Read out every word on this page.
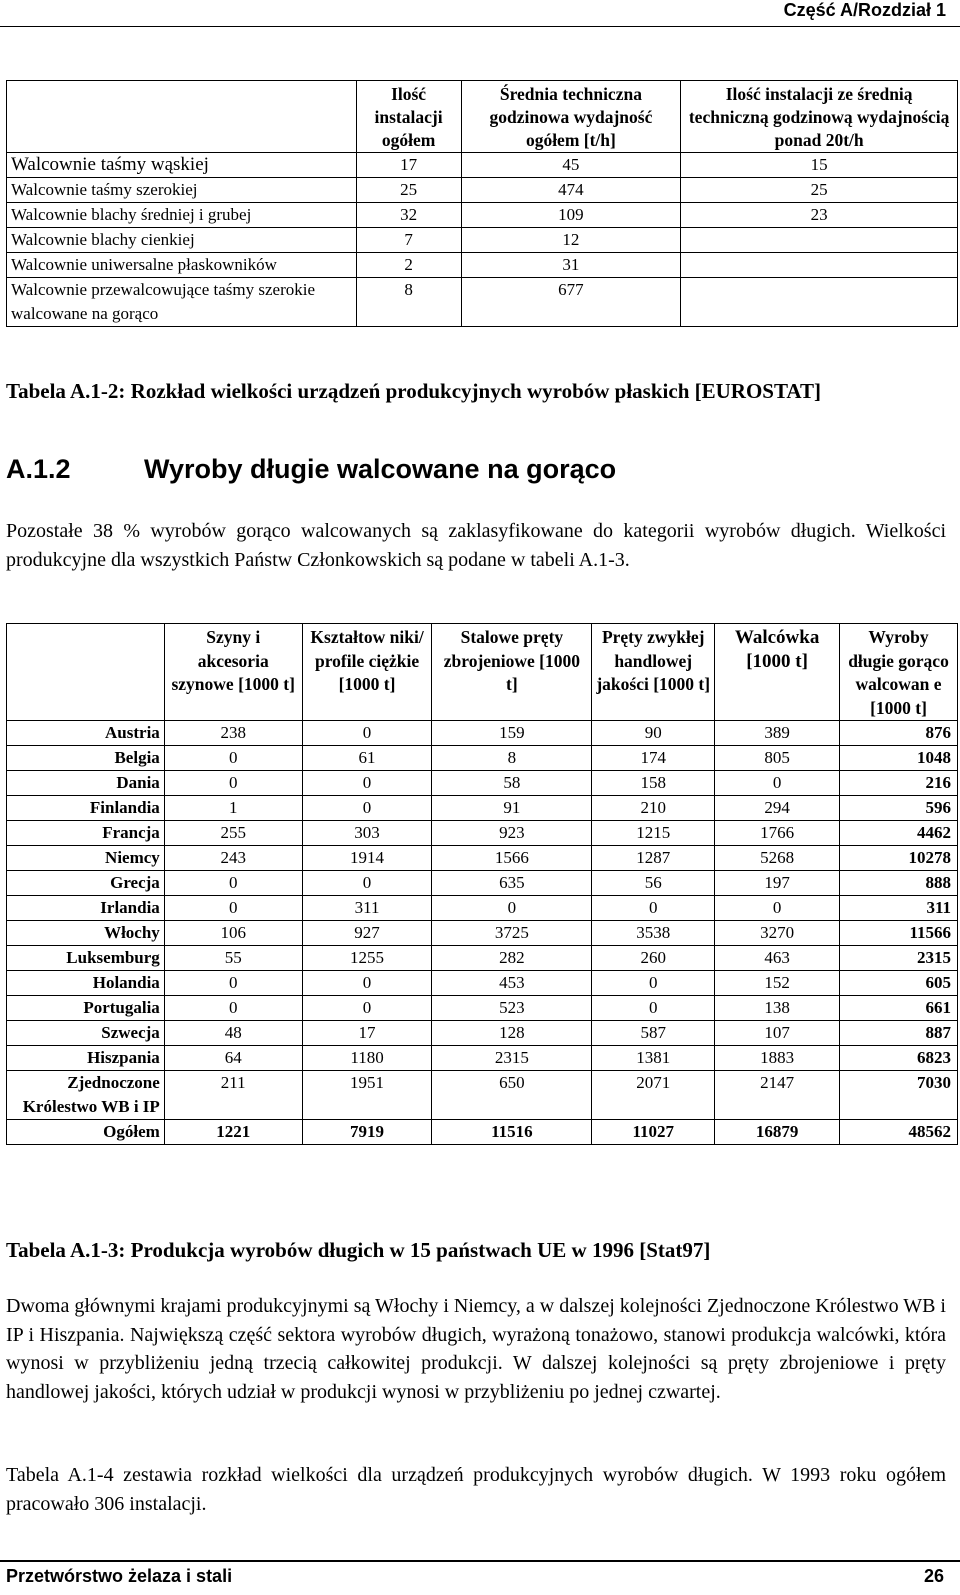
Część A/Rozdział 1
	Ilość instalacji ogółem	Średnia techniczna godzinowa wydajność ogółem [t/h]	Ilość instalacji ze średnią techniczną godzinową wydajnością ponad 20t/h
Walcownie taśmy wąskiej	17	45	15
Walcownie taśmy szerokiej	25	474	25
Walcownie blachy średniej i grubej	32	109	23
Walcownie blachy cienkiej	7	12	
Walcownie uniwersalne płaskowników	2	31	
Walcownie przewalcowujące taśmy szerokie walcowane na gorąco	8	677	
Tabela A.1-2: Rozkład wielkości urządzeń produkcyjnych wyrobów płaskich [EUROSTAT]
A.1.2	Wyroby długie walcowane na gorąco
Pozostałe 38 % wyrobów gorąco walcowanych są zaklasyfikowane do kategorii wyrobów długich. Wielkości produkcyjne dla wszystkich Państw Członkowskich są podane w tabeli A.1-3.
	Szyny i akcesoria szynowe [1000 t]	Kształtow niki/ profile ciężkie [1000 t]	Stalowe pręty zbrojeniowe [1000 t]	Pręty zwykłej handlowej jakości [1000 t]	Walcówka [1000 t]	Wyroby długie gorąco walcowan e [1000 t]
Austria	238	0	159	90	389	876
Belgia	0	61	8	174	805	1048
Dania	0	0	58	158	0	216
Finlandia	1	0	91	210	294	596
Francja	255	303	923	1215	1766	4462
Niemcy	243	1914	1566	1287	5268	10278
Grecja	0	0	635	56	197	888
Irlandia	0	311	0	0	0	311
Włochy	106	927	3725	3538	3270	11566
Luksemburg	55	1255	282	260	463	2315
Holandia	0	0	453	0	152	605
Portugalia	0	0	523	0	138	661
Szwecja	48	17	128	587	107	887
Hiszpania	64	1180	2315	1381	1883	6823
Zjednoczone Królestwo WB i IP	211	1951	650	2071	2147	7030
Ogółem	1221	7919	11516	11027	16879	48562
Tabela A.1-3: Produkcja wyrobów długich w 15 państwach UE w 1996 [Stat97]
Dwoma głównymi krajami produkcyjnymi są Włochy i Niemcy, a w dalszej kolejności Zjednoczone Królestwo WB i IP i Hiszpania. Największą część sektora wyrobów długich, wyrażoną tonażowo, stanowi produkcja walcówki, która wynosi w przybliżeniu jedną trzecią całkowitej produkcji. W dalszej kolejności są pręty zbrojeniowe i pręty handlowej jakości, których udział w produkcji wynosi w przybliżeniu po jednej czwartej.
Tabela A.1-4 zestawia rozkład wielkości dla urządzeń produkcyjnych wyrobów długich. W 1993 roku ogółem pracowało 306 instalacji.
Przetwórstwo żelaza i stali	26
